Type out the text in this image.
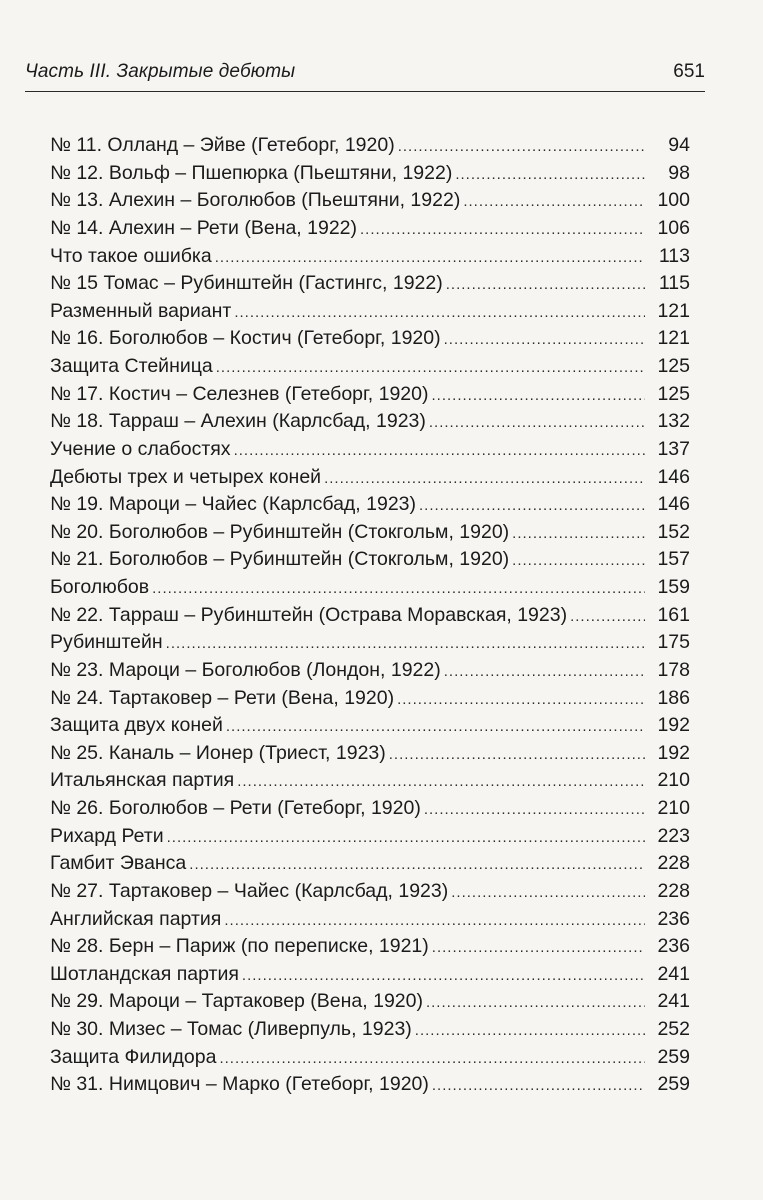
Часть III. Закрытые дебюты	651
№ 11. Олланд – Эйве (Гетеборг, 1920) .....	94
№ 12. Вольф – Пшепюрка (Пьештяни, 1922) .....	98
№ 13. Алехин – Боголюбов (Пьештяни, 1922) .....	100
№ 14. Алехин – Рети (Вена, 1922) .....	106
Что такое ошибка .....	113
№ 15 Томас – Рубинштейн (Гастингс, 1922) .....	115
Разменный вариант .....	121
№ 16. Боголюбов – Костич (Гетеборг, 1920) .....	121
Защита Стейница .....	125
№ 17. Костич – Селезнев (Гетеборг, 1920) .....	125
№ 18. Тарраш – Алехин (Карлсбад, 1923) .....	132
Учение о слабостях .....	137
Дебюты трех и четырех коней .....	146
№ 19. Мароци – Чайес (Карлсбад, 1923) .....	146
№ 20. Боголюбов – Рубинштейн (Стокгольм, 1920) .....	152
№ 21. Боголюбов – Рубинштейн (Стокгольм, 1920) .....	157
Боголюбов .....	159
№ 22. Тарраш – Рубинштейн (Острава Моравская, 1923) .....	161
Рубинштейн .....	175
№ 23. Мароци – Боголюбов (Лондон, 1922) .....	178
№ 24. Тартаковер – Рети (Вена, 1920) .....	186
Защита двух коней .....	192
№ 25. Каналь – Ионер (Триест, 1923) .....	192
Итальянская партия .....	210
№ 26. Боголюбов – Рети (Гетеборг, 1920) .....	210
Рихард Рети .....	223
Гамбит Эванса .....	228
№ 27. Тартаковер – Чайес (Карлсбад, 1923) .....	228
Английская партия .....	236
№ 28. Берн – Париж (по переписке, 1921) .....	236
Шотландская партия .....	241
№ 29. Мароци – Тартаковер (Вена, 1920) .....	241
№ 30. Мизес – Томас (Ливерпуль, 1923) .....	252
Защита Филидора .....	259
№ 31. Нимцович – Марко (Гетеборг, 1920) .....	259
